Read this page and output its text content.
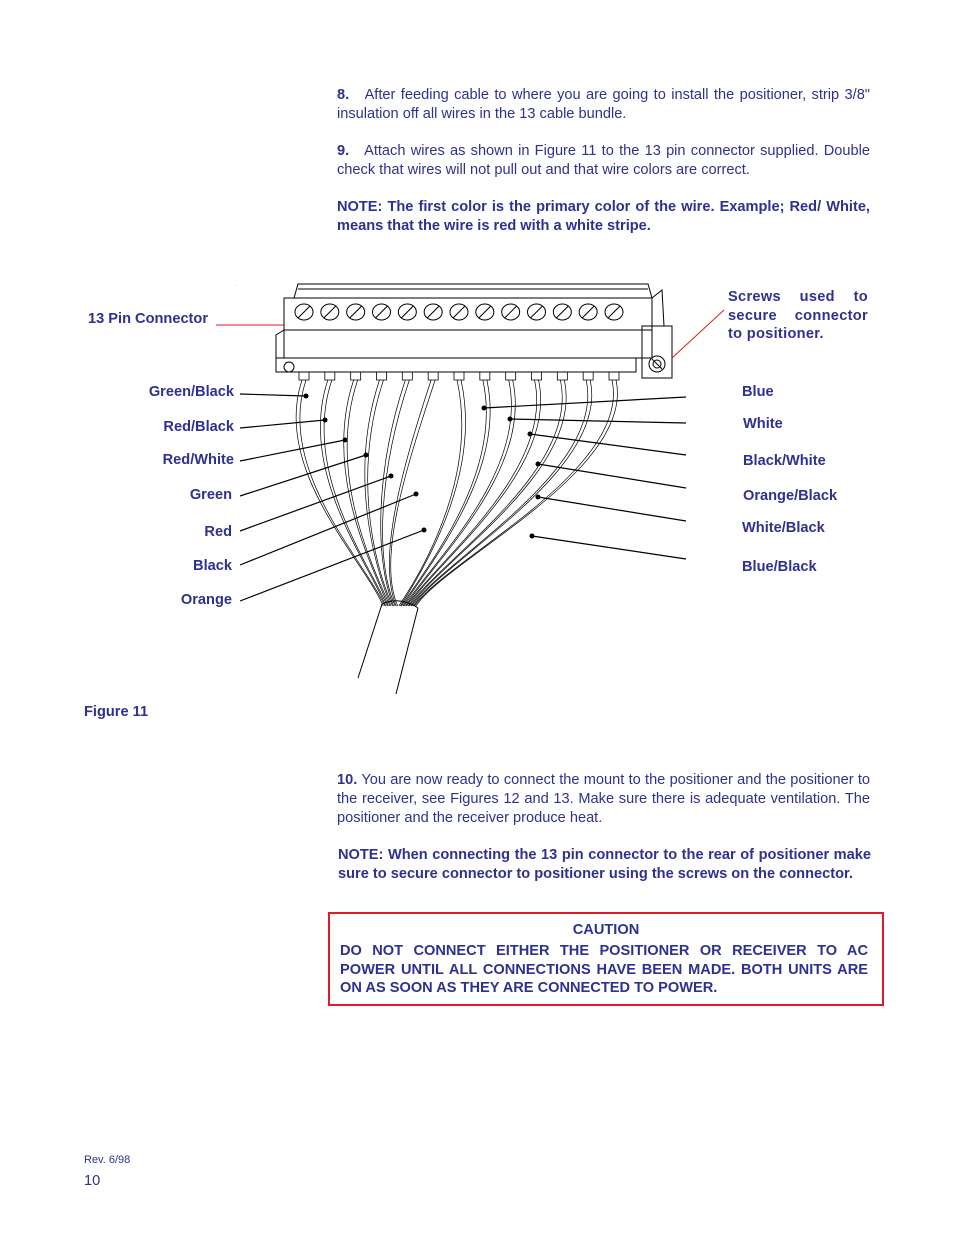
8. After feeding cable to where you are going to install the positioner, strip 3/8" insulation off all wires in the 13 cable bundle.

9. Attach wires as shown in Figure 11 to the 13 pin connector supplied. Double check that wires will not pull out and that wire colors are correct.

NOTE: The first color is the primary color of the wire. Example; Red/ White, means that the wire is red with a white stripe.

.
13 Pin Connector
Screws used to secure connector to positioner.
Green/Black
Red/Black
Red/White
Green
Red
Black
Orange
Blue
White
Black/White
Orange/Black
White/Black
Blue/Black
Figure 11

10. You are now ready to connect the mount to the positioner and the positioner to the receiver, see Figures 12 and 13. Make sure there is adequate ventilation. The positioner and the receiver produce heat.

NOTE: When connecting the 13 pin connector to the rear of positioner make sure to secure connector to positioner using the screws on the connector.

CAUTION

DO NOT CONNECT EITHER THE POSITIONER OR RECEIVER TO AC POWER UNTIL ALL CONNECTIONS HAVE BEEN MADE. BOTH UNITS ARE ON AS SOON AS THEY ARE CONNECTED TO POWER.

Rev. 6/98
10
